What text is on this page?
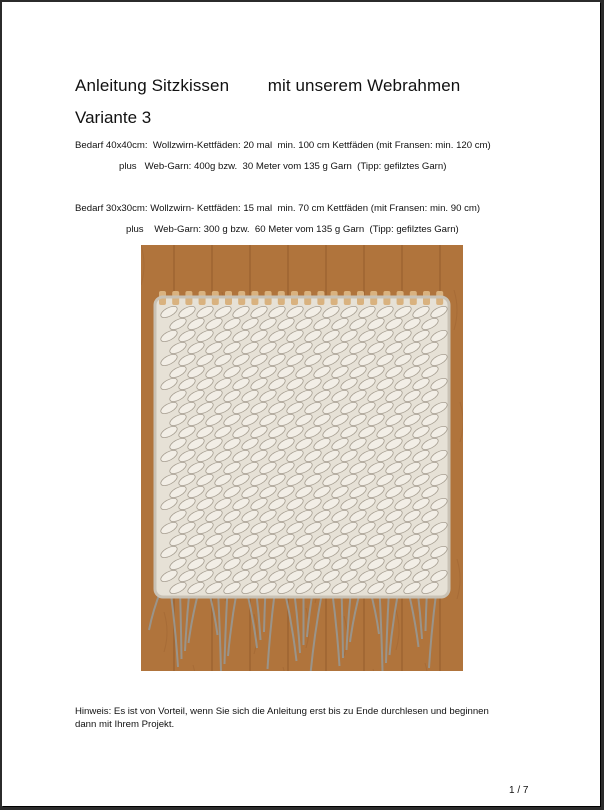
Anleitung Sitzkissen        mit unserem Webrahmen
Variante 3
Bedarf 40x40cm:  Wollzwirn-Kettfäden: 20 mal  min. 100 cm Kettfäden (mit Fransen: min. 120 cm)
plus   Web-Garn: 400g bzw.  30 Meter vom 135 g Garn  (Tipp: gefilztes Garn)
Bedarf 30x30cm: Wollzwirn- Kettfäden: 15 mal  min. 70 cm Kettfäden (mit Fransen: min. 90 cm)
plus    Web-Garn: 300 g bzw.  60 Meter vom 135 g Garn  (Tipp: gefilztes Garn)
Hinweis: Es ist von Vorteil, wenn Sie sich die Anleitung erst bis zu Ende durchlesen und beginnen
dann mit Ihrem Projekt.
1 / 7
